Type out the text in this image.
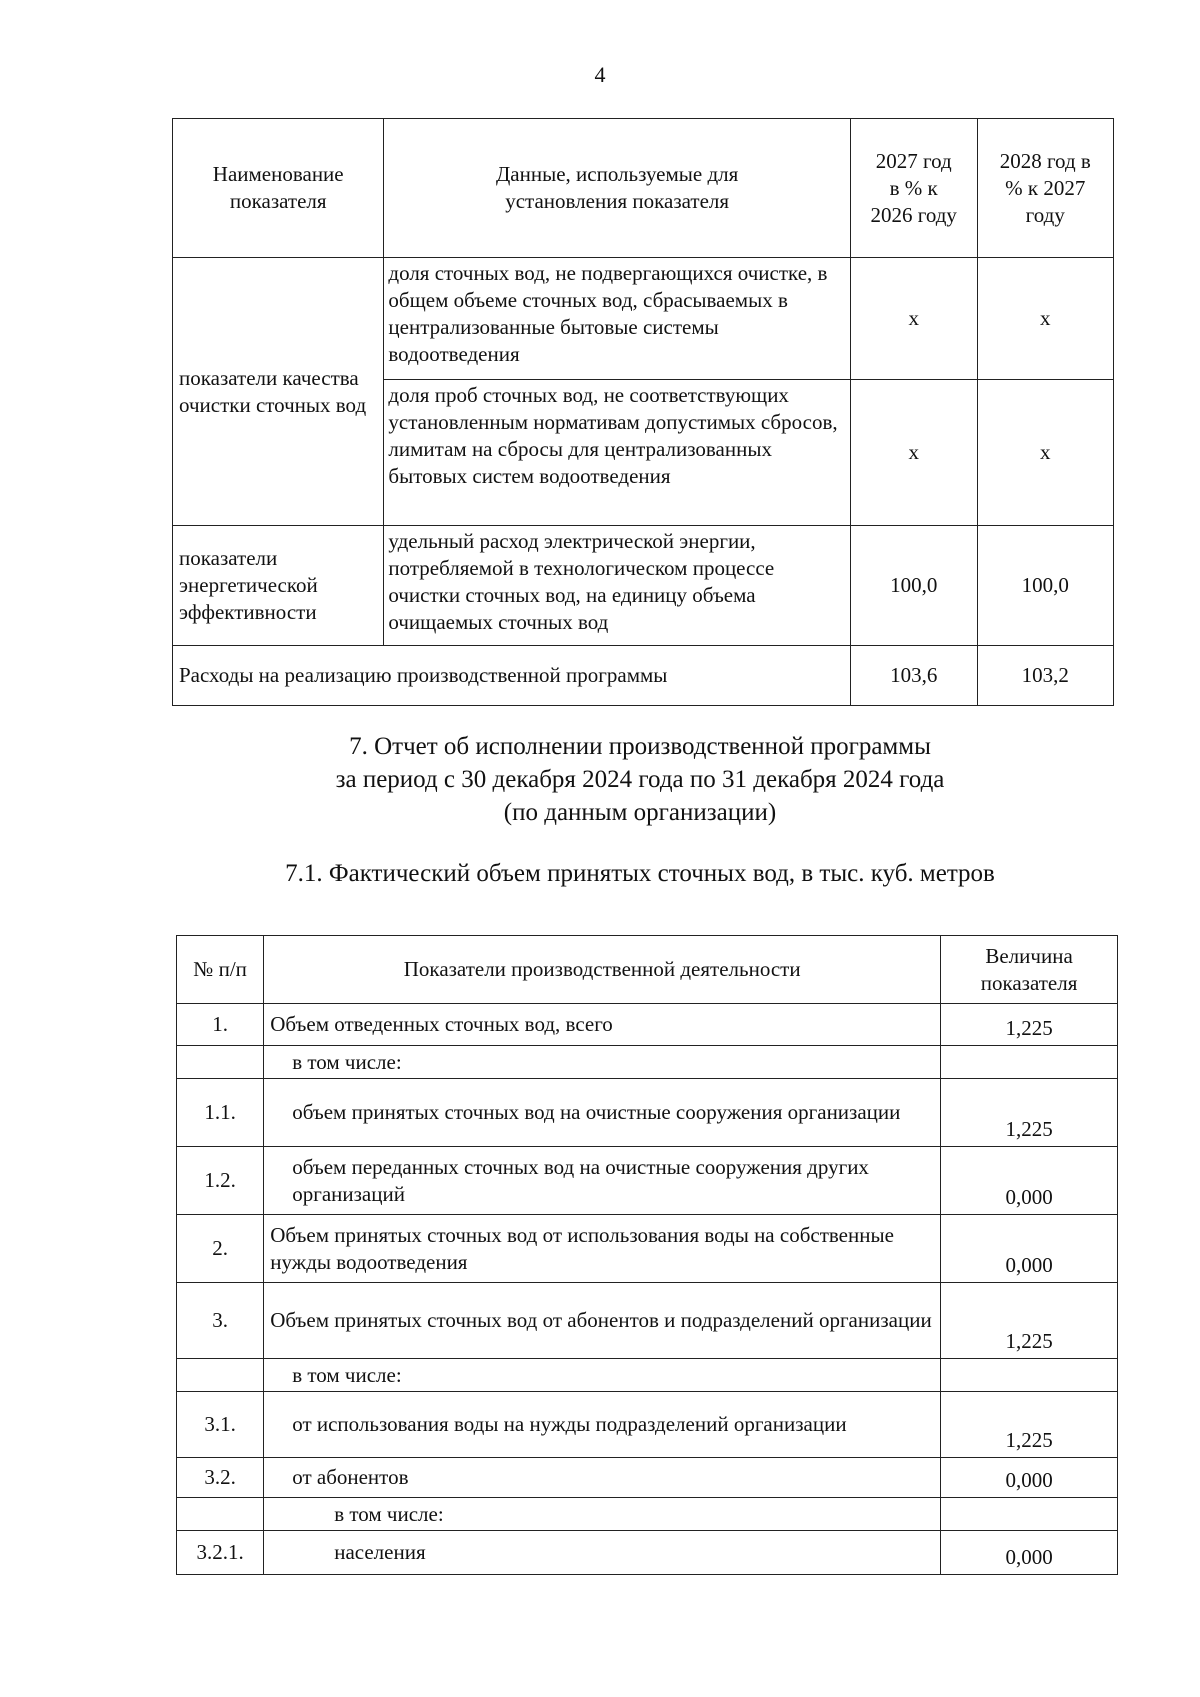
4
Наименование показателя	Данные, используемые для установления показателя	2027 год в % к 2026 году	2028 год в % к 2027 году
показатели качества очистки сточных вод	доля сточных вод, не подвергающихся очистке, в общем объеме сточных вод, сбрасываемых в централизованные бытовые системы водоотведения	x	x
	доля проб сточных вод, не соответствующих установленным нормативам допустимых сбросов, лимитам на сбросы для централизованных бытовых систем водоотведения	x	x
показатели энергетической эффективности	удельный расход электрической энергии, потребляемой в технологическом процессе очистки сточных вод, на единицу объема очищаемых сточных вод	100,0	100,0
Расходы на реализацию производственной программы		103,6	103,2
7. Отчет об исполнении производственной программы
за период с 30 декабря 2024 года по 31 декабря 2024 года
(по данным организации)
7.1. Фактический объем принятых сточных вод, в тыс. куб. метров
№ п/п	Показатели производственной деятельности	Величина показателя
1.	Объем отведенных сточных вод, всего	1,225
	в том числе:	
1.1.	объем принятых сточных вод на очистные сооружения организации	1,225
1.2.	объем переданных сточных вод на очистные сооружения других организаций	0,000
2.	Объем принятых сточных вод от использования воды на собственные нужды водоотведения	0,000
3.	Объем принятых сточных вод от абонентов и подразделений организации	1,225
	в том числе:	
3.1.	от использования воды на нужды подразделений организации	1,225
3.2.	от абонентов	0,000
	в том числе:	
3.2.1.	населения	0,000
